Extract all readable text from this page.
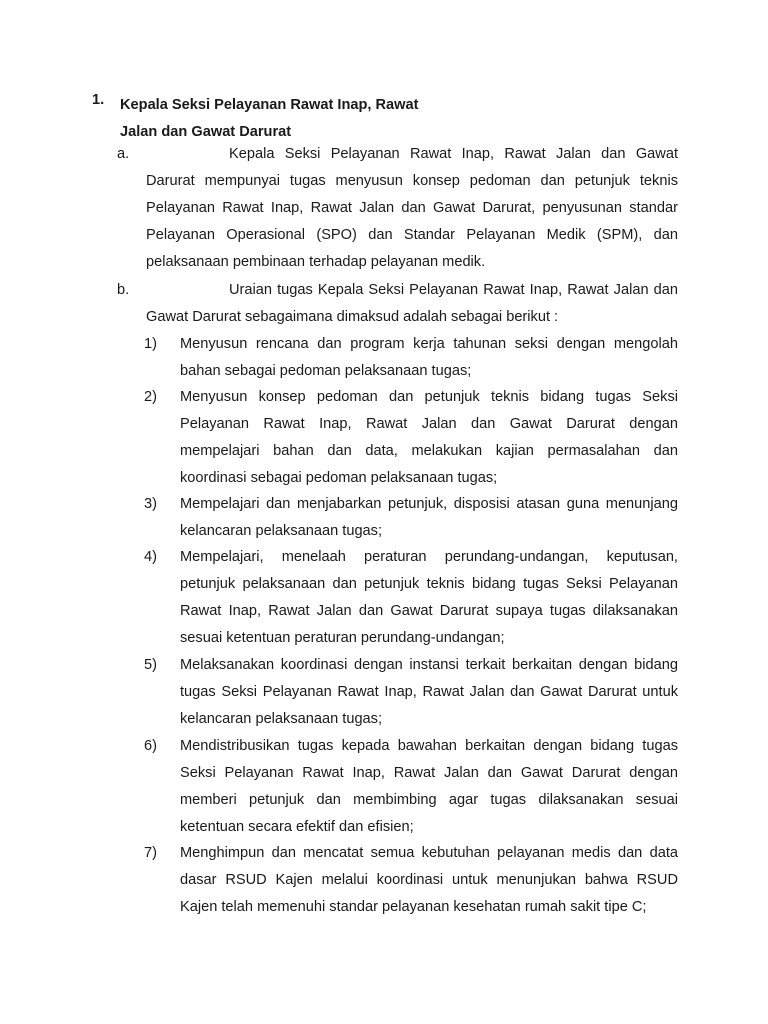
1. Kepala Seksi Pelayanan Rawat Inap, Rawat
Jalan dan Gawat Darurat
a.	Kepala Seksi Pelayanan Rawat Inap, Rawat Jalan dan Gawat Darurat mempunyai tugas menyusun konsep pedoman dan petunjuk teknis Pelayanan Rawat Inap, Rawat Jalan dan Gawat Darurat, penyusunan standar Pelayanan Operasional (SPO) dan Standar Pelayanan Medik (SPM), dan pelaksanaan pembinaan terhadap pelayanan medik.
b.	Uraian tugas Kepala Seksi Pelayanan Rawat Inap, Rawat Jalan dan Gawat Darurat sebagaimana dimaksud adalah sebagai berikut :
1) Menyusun rencana dan program kerja tahunan seksi dengan mengolah bahan sebagai pedoman pelaksanaan tugas;
2) Menyusun konsep pedoman dan petunjuk teknis bidang tugas Seksi Pelayanan Rawat Inap, Rawat Jalan dan Gawat Darurat dengan mempelajari bahan dan data, melakukan kajian permasalahan dan koordinasi sebagai pedoman pelaksanaan tugas;
3) Mempelajari dan menjabarkan petunjuk, disposisi atasan guna menunjang kelancaran pelaksanaan tugas;
4) Mempelajari, menelaah peraturan perundang-undangan, keputusan, petunjuk pelaksanaan dan petunjuk teknis bidang tugas Seksi Pelayanan Rawat Inap, Rawat Jalan dan Gawat Darurat supaya tugas dilaksanakan sesuai ketentuan peraturan perundang-undangan;
5) Melaksanakan koordinasi dengan instansi terkait berkaitan dengan bidang tugas Seksi Pelayanan Rawat Inap, Rawat Jalan dan Gawat Darurat untuk kelancaran pelaksanaan tugas;
6) Mendistribusikan tugas kepada bawahan berkaitan dengan bidang tugas Seksi Pelayanan Rawat Inap, Rawat Jalan dan Gawat Darurat dengan memberi petunjuk dan membimbing agar tugas dilaksanakan sesuai ketentuan secara efektif dan efisien;
7) Menghimpun dan mencatat semua kebutuhan pelayanan medis dan data dasar RSUD Kajen melalui koordinasi untuk menunjukan bahwa RSUD Kajen telah memenuhi standar pelayanan kesehatan rumah sakit tipe C;
